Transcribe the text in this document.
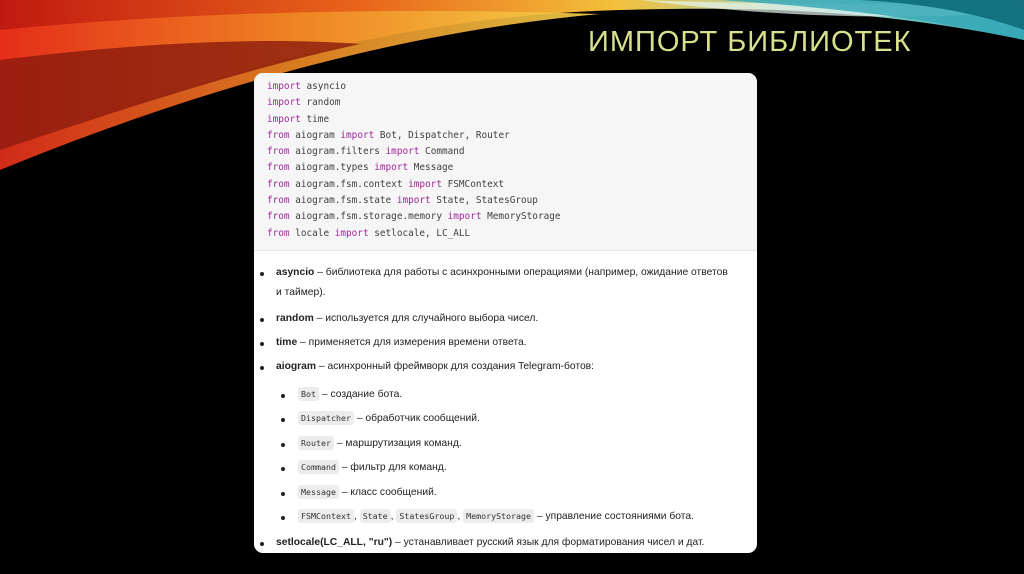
ИМПОРТ БИБЛИОТЕК
import asyncio
import random
import time
from aiogram import Bot, Dispatcher, Router
from aiogram.filters import Command
from aiogram.types import Message
from aiogram.fsm.context import FSMContext
from aiogram.fsm.state import State, StatesGroup
from aiogram.fsm.storage.memory import MemoryStorage
from locale import setlocale, LC_ALL
asyncio – библиотека для работы с асинхронными операциями (например, ожидание ответов
и таймер).
random – используется для случайного выбора чисел.
time – применяется для измерения времени ответа.
aiogram – асинхронный фреймворк для создания Telegram-ботов:
Bot – создание бота.
Dispatcher – обработчик сообщений.
Router – маршрутизация команд.
Command – фильтр для команд.
Message – класс сообщений.
FSMContext , State , StatesGroup , MemoryStorage – управление состояниями бота.
setlocale(LC_ALL, "ru") – устанавливает русский язык для форматирования чисел и дат.
